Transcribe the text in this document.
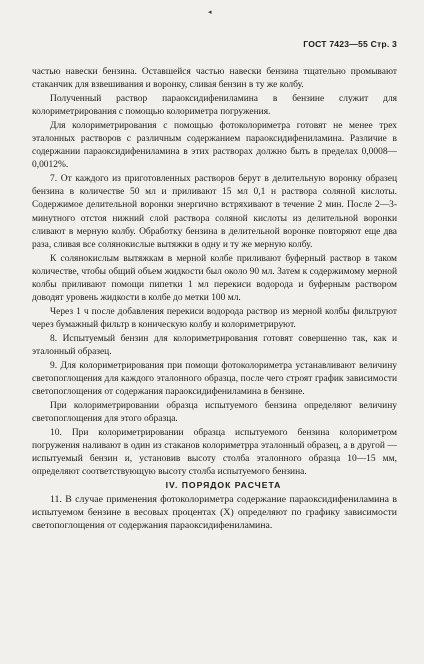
◂
ГОСТ 7423—55 Стр. 3

частью навески бензина. Оставшейся частью навески бензина тщательно промывают стаканчик для взвешивания и воронку, сливая бензин в ту же колбу.

Полученный раствор параоксидифениламина в бензине служит для колориметрирования с помощью колориметра погружения.

Для колориметрирования с помощью фотоколориметра готовят не менее трех эталонных растворов с различным содержанием параоксидифениламина. Различие в содержании параоксидифениламина в этих растворах должно быть в пределах 0,0008—0,0012%.

7. От каждого из приготовленных растворов берут в делительную воронку образец бензина в количестве 50 мл и приливают 15 мл 0,1 н раствора соляной кислоты. Содержимое делительной воронки энергично встряхивают в течение 2 мин. После 2—3-минутного отстоя нижний слой раствора соляной кислоты из делительной воронки сливают в мерную колбу. Обработку бензина в делительной воронке повторяют еще два раза, сливая все солянокислые вытяжки в одну и ту же мерную колбу.

К солянокислым вытяжкам в мерной колбе приливают буферный раствор в таком количестве, чтобы общий объем жидкости был около 90 мл. Затем к содержимому мерной колбы приливают помощи пипетки 1 мл перекиси водорода и буферным раствором доводят уровень жидкости в колбе до метки 100 мл.

Через 1 ч после добавления перекиси водорода раствор из мерной колбы фильтруют через бумажный фильтр в коническую колбу и колориметрируют.

8. Испытуемый бензин для колориметрирования готовят совершенно так, как и эталонный образец.

9. Для колориметрирования при помощи фотоколориметра устанавливают величину светопоглощения для каждого эталонного образца, после чего строят график зависимости светопоглощения от содержания параоксидифениламина в бензине.

При колориметрировании образца испытуемого бензина определяют величину светопоглощения для этого образца.

10. При колориметрировании образца испытуемого бензина колориметром погружения наливают в один из стаканов колориметрра эталонный образец, а в другой — испытуемый бензин и, установив высоту столба эталонного образца 10—15 мм, определяют соответствующую высоту столба испытуемого бензина.

IV. ПОРЯДОК РАСЧЕТА

11. В случае применения фотоколориметра содержание параоксидифениламина в испытуемом бензине в весовых процентах (X) определяют по графику зависимости светопоглощения от содержания параоксидифениламина.
